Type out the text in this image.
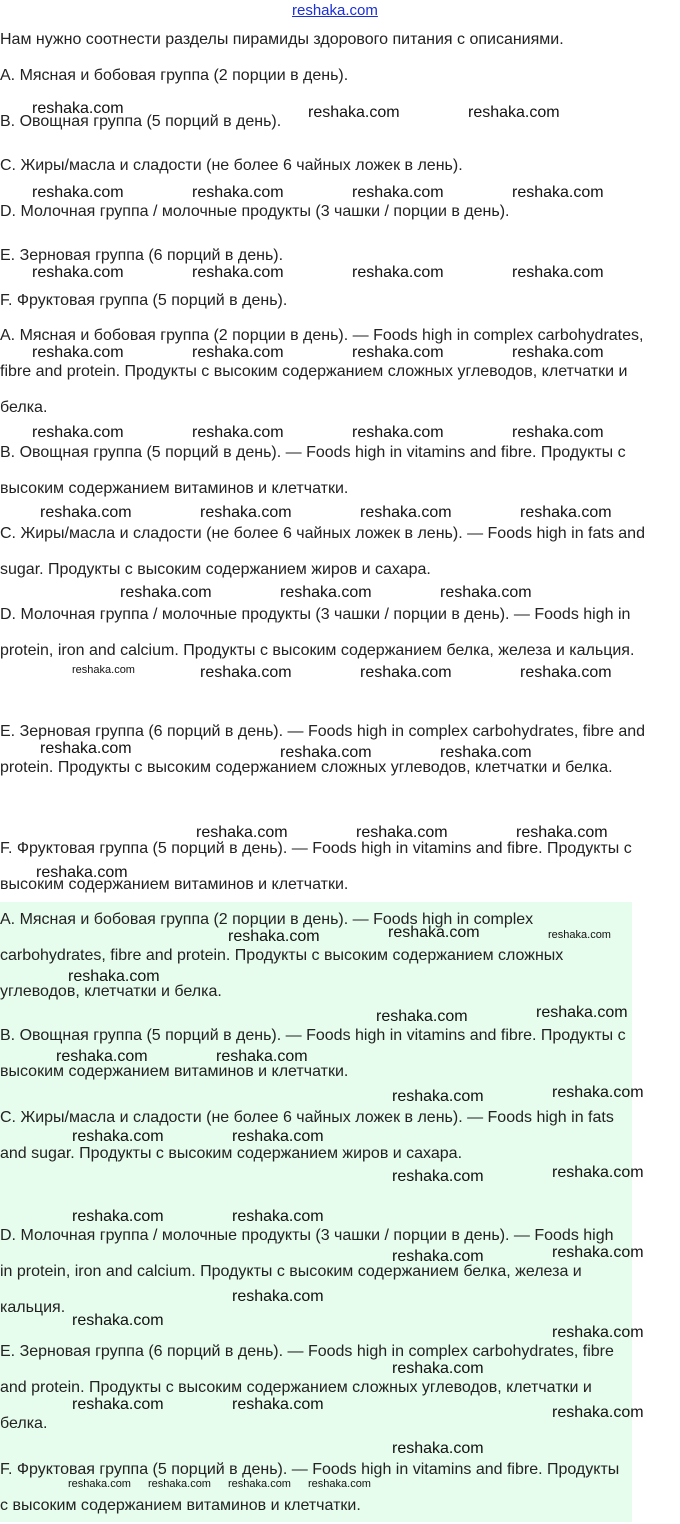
reshaka.com

Нам нужно соотнести разделы пирамиды здорового питания с описаниями.

A. Мясная и бобовая группа (2 порции в день).

B. Овощная группа (5 порций в день).

C. Жиры/масла и сладости (не более 6 чайных ложек в лень).

D. Молочная группа / молочные продукты (3 чашки / порции в день).

E. Зерновая группа (6 порций в день).

F. Фруктовая группа (5 порций в день).

A. Мясная и бобовая группа (2 порции в день). — Foods high in complex carbohydrates, fibre and protein. Продукты с высоким содержанием сложных углеводов, клетчатки и белка.

B. Овощная группа (5 порций в день). — Foods high in vitamins and fibre. Продукты с высоким содержанием витаминов и клетчатки.

C. Жиры/масла и сладости (не более 6 чайных ложек в лень). — Foods high in fats and sugar. Продукты с высоким содержанием жиров и сахара.

D. Молочная группа / молочные продукты (3 чашки / порции в день). — Foods high in protein, iron and calcium. Продукты с высоким содержанием белка, железа и кальция.

E. Зерновая группа (6 порций в день). — Foods high in complex carbohydrates, fibre and protein. Продукты с высоким содержанием сложных углеводов, клетчатки и белка.

F. Фруктовая группа (5 порций в день). — Foods high in vitamins and fibre. Продукты с высоким содержанием витаминов и клетчатки.

A. Мясная и бобовая группа (2 порции в день). — Foods high in complex carbohydrates, fibre and protein. Продукты с высоким содержанием сложных углеводов, клетчатки и белка.

B. Овощная группа (5 порций в день). — Foods high in vitamins and fibre. Продукты с высоким содержанием витаминов и клетчатки.

C. Жиры/масла и сладости (не более 6 чайных ложек в лень). — Foods high in fats and sugar. Продукты с высоким содержанием жиров и сахара.

D. Молочная группа / молочные продукты (3 чашки / порции в день). — Foods high in protein, iron and calcium. Продукты с высоким содержанием белка, железа и кальция.

E. Зерновая группа (6 порций в день). — Foods high in complex carbohydrates, fibre and protein. Продукты с высоким содержанием сложных углеводов, клетчатки и белка.

F. Фруктовая группа (5 порций в день). — Foods high in vitamins and fibre. Продукты с высоким содержанием витаминов и клетчатки.

reshaka.com	reshaka.com	reshaka.com
reshaka.com	reshaka.com	reshaka.com	reshaka.com
reshaka.com	reshaka.com	reshaka.com	reshaka.com
reshaka.com	reshaka.com	reshaka.com	reshaka.com
reshaka.com	reshaka.com	reshaka.com	reshaka.com
reshaka.com	reshaka.com	reshaka.com	reshaka.com
reshaka.com	reshaka.com	reshaka.com
reshaka.com	reshaka.com	reshaka.com	reshaka.com
reshaka.com	reshaka.com	reshaka.com
reshaka.com	reshaka.com	reshaka.com
reshaka.com
reshaka.com	reshaka.com	reshaka.com
reshaka.com
reshaka.com	reshaka.com
reshaka.com	reshaka.com
reshaka.com	reshaka.com
reshaka.com	reshaka.com
reshaka.com	reshaka.com
reshaka.com	reshaka.com
reshaka.com	reshaka.com
reshaka.com
reshaka.com
reshaka.com
reshaka.com
reshaka.com	reshaka.com	reshaka.com
reshaka.com
reshaka.com reshaka.com reshaka.com reshaka.com
